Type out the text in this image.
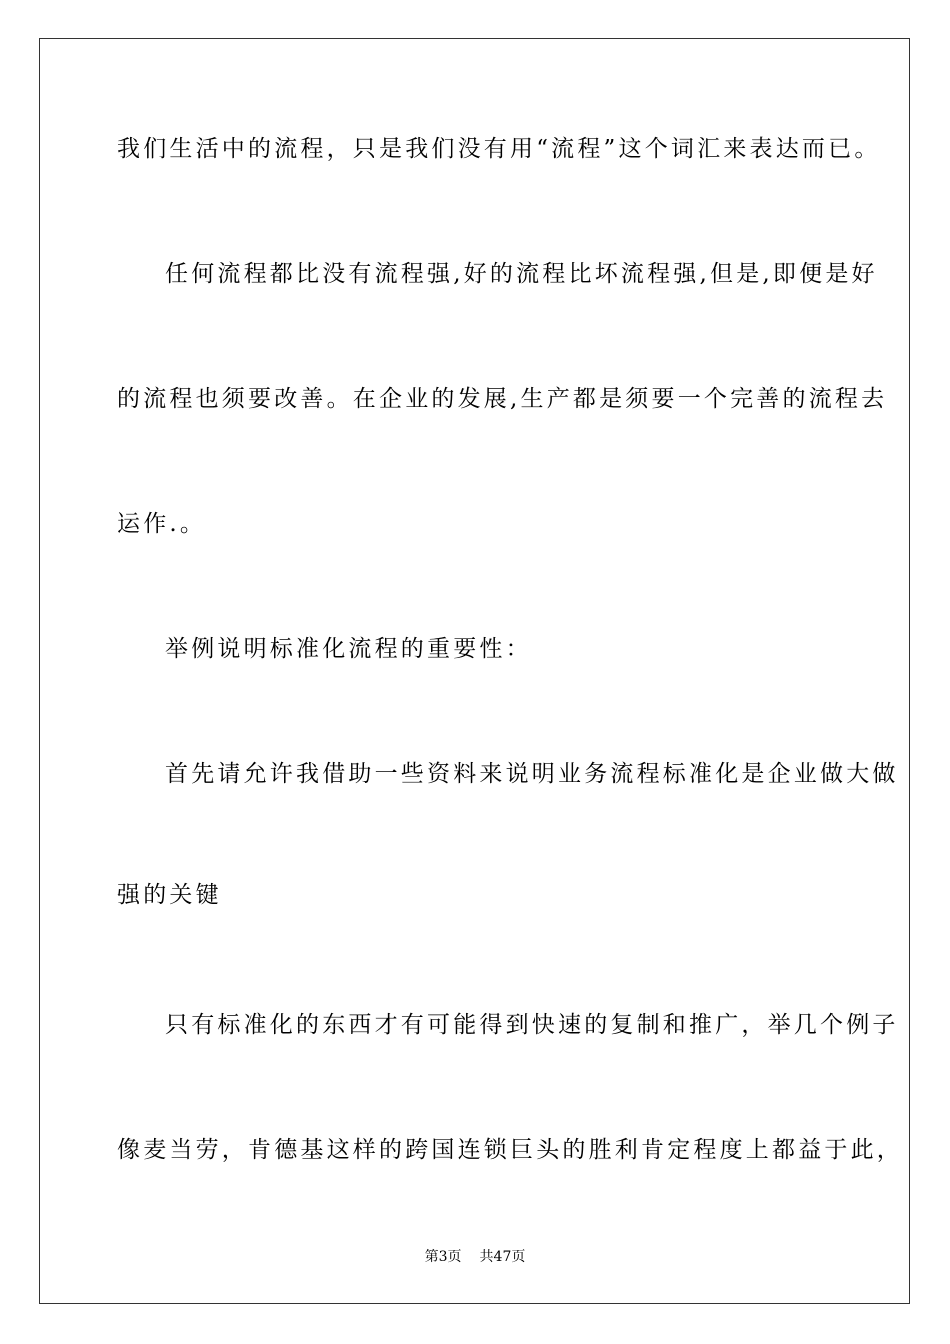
我们生活中的流程，只是我们没有用“流程”这个词汇来表达而已。
任何流程都比没有流程强,好的流程比坏流程强,但是,即便是好
的流程也须要改善。在企业的发展,生产都是须要一个完善的流程去
运作.。
举例说明标准化流程的重要性：
首先请允许我借助一些资料来说明业务流程标准化是企业做大做
强的关键
只有标准化的东西才有可能得到快速的复制和推广，举几个例子
像麦当劳，肯德基这样的跨国连锁巨头的胜利肯定程度上都益于此，
第3页 共47页
